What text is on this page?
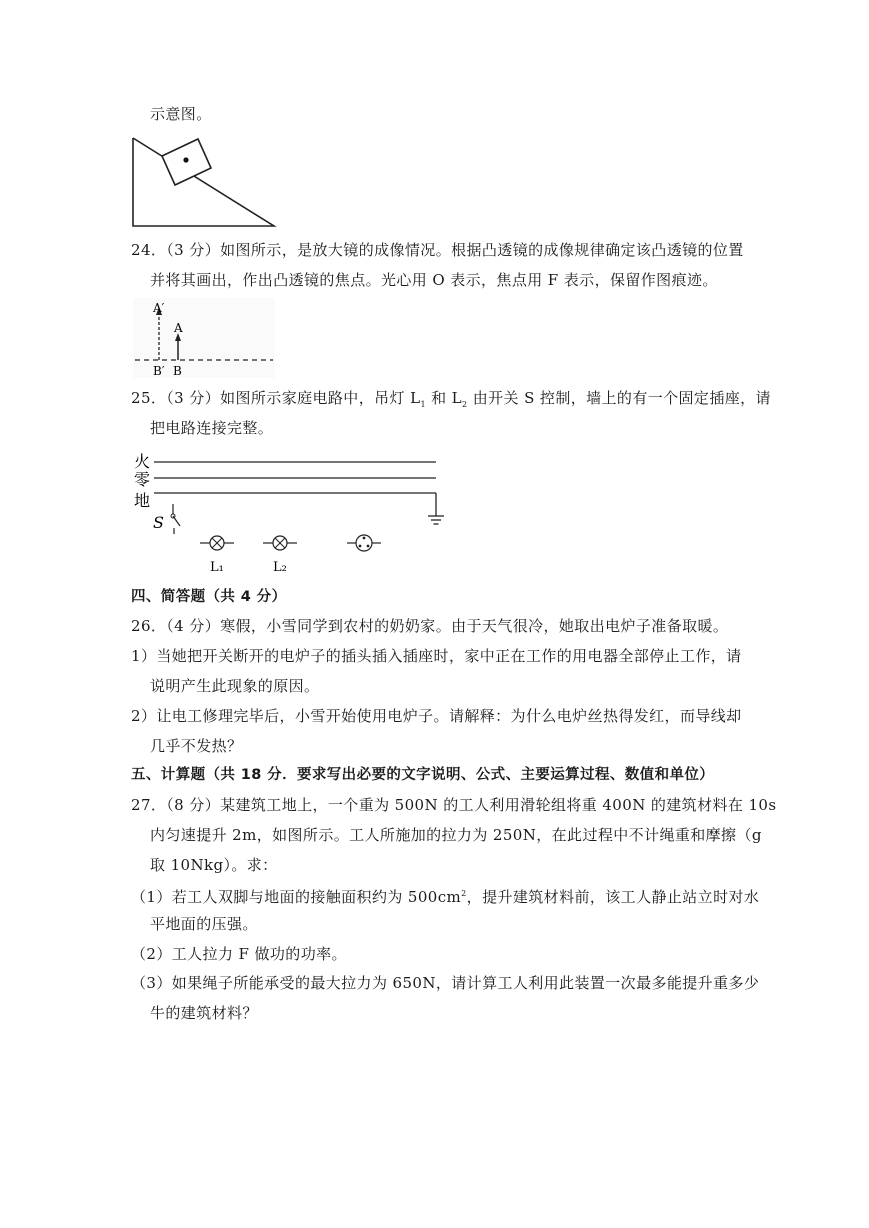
示意图。
24．（3 分）如图所示，是放大镜的成像情况。根据凸透镜的成像规律确定该凸透镜的位置
并将其画出，作出凸透镜的焦点。光心用 O 表示，焦点用 F 表示，保留作图痕迹。
A′
A
B′ B
25．（3 分）如图所示家庭电路中，吊灯 $L_1$ 和 $L_2$ 由开关 S 控制，墙上的有一个固定插座，请
把电路连接完整。
火
零
地
S
L₁	L₂
四、简答题（共 4 分）
26．（4 分）寒假，小雪同学到农村的奶奶家。由于天气很冷，她取出电炉子准备取暖。
1）当她把开关断开的电炉子的插头插入插座时，家中正在工作的用电器全部停止工作，请
说明产生此现象的原因。
2）让电工修理完毕后，小雪开始使用电炉子。请解释：为什么电炉丝热得发红，而导线却
几乎不发热？
五、计算题（共 18 分．要求写出必要的文字说明、公式、主要运算过程、数值和单位）
27．（8 分）某建筑工地上，一个重为 500N 的工人利用滑轮组将重 400N 的建筑材料在 10s
内匀速提升 2m，如图所示。工人所施加的拉力为 250N，在此过程中不计绳重和摩擦（g
取 10Nkg）。求：
（1）若工人双脚与地面的接触面积约为 $500cm^2$，提升建筑材料前，该工人静止站立时对水
平地面的压强。
（2）工人拉力 F 做功的功率。
（3）如果绳子所能承受的最大拉力为 650N，请计算工人利用此装置一次最多能提升重多少
牛的建筑材料？
